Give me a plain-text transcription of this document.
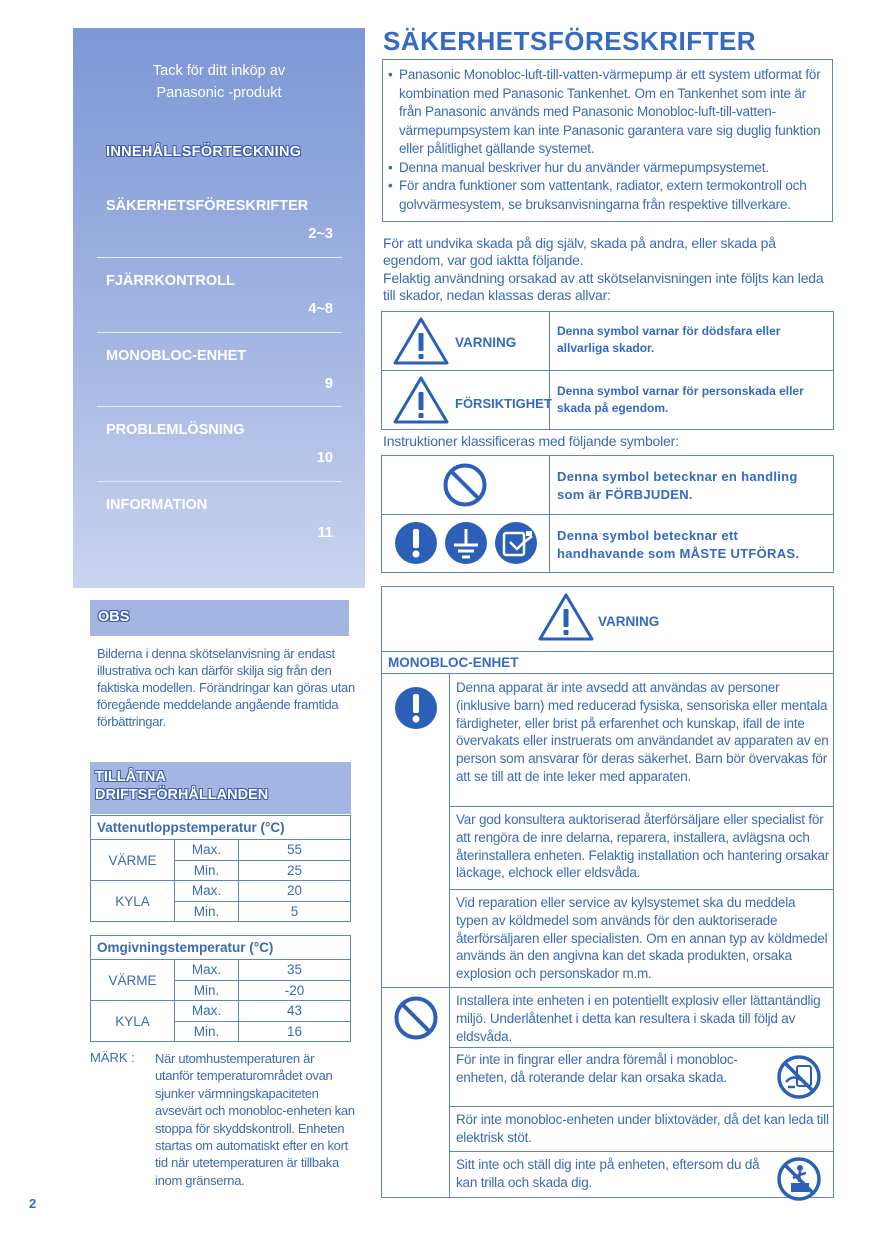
Tack för ditt inköp av
Panasonic -produkt
INNEHÅLLSFÖRTECKNING
SÄKERHETSFÖRESKRIFTER
2~3
FJÄRRKONTROLL
4~8
MONOBLOC-ENHET
9
PROBLEMLÖSNING
10
INFORMATION
11
OBS
Bilderna i denna skötselanvisning är endast illustrativa och kan därför skilja sig från den faktiska modellen. Förändringar kan göras utan föregående meddelande angående framtida förbättringar.
TILLÅTNA
DRIFTSFÖRHÅLLANDEN
Vattenutloppstemperatur (°C)		
VÄRME	Max.	55
	Min.	25
KYLA	Max.	20
	Min.	5
Omgivningstemperatur (°C)		
VÄRME	Max.	35
	Min.	-20
KYLA	Max.	43
	Min.	16
MÄRK : När utomhustemperaturen är utanför temperaturområdet ovan sjunker värmningskapaciteten avsevärt och monobloc-enheten kan stoppa för skyddskontroll. Enheten startas om automatiskt efter en kort tid när utetemperaturen är tillbaka inom gränserna.
2
SÄKERHETSFÖRESKRIFTER
• Panasonic Monobloc-luft-till-vatten-värmepump är ett system utformat för kombination med Panasonic Tankenhet. Om en Tankenhet som inte är från Panasonic används med Panasonic Monobloc-luft-till-vatten-värmepumpsystem kan inte Panasonic garantera vare sig duglig funktion eller pålitlighet gällande systemet.
• Denna manual beskriver hur du använder värmepumpsystemet.
• För andra funktioner som vattentank, radiator, extern termokontroll och golvvärmesystem, se bruksanvisningarna från respektive tillverkare.
För att undvika skada på dig själv, skada på andra, eller skada på egendom, var god iaktta följande.
Felaktig användning orsakad av att skötselanvisningen inte följts kan leda till skador, nedan klassas deras allvar:
VARNING
Denna symbol varnar för dödsfara eller allvarliga skador.
FÖRSIKTIGHET
Denna symbol varnar för personskada eller skada på egendom.
Instruktioner klassificeras med följande symboler:
Denna symbol betecknar en handling som är FÖRBJUDEN.
Denna symbol betecknar ett handhavande som MÅSTE UTFÖRAS.
VARNING
MONOBLOC-ENHET
Denna apparat är inte avsedd att användas av personer (inklusive barn) med reducerad fysiska, sensoriska eller mentala färdigheter, eller brist på erfarenhet och kunskap, ifall de inte övervakats eller instruerats om användandet av apparaten av en person som ansvarar för deras säkerhet. Barn bör övervakas för att se till att de inte leker med apparaten.
Var god konsultera auktoriserad återförsäljare eller specialist för att rengöra de inre delarna, reparera, installera, avlägsna och återinstallera enheten. Felaktig installation och hantering orsakar läckage, elchock eller eldsvåda.
Vid reparation eller service av kylsystemet ska du meddela typen av köldmedel som används för den auktoriserade återförsäljaren eller specialisten. Om en annan typ av köldmedel används än den angivna kan det skada produkten, orsaka explosion och personskador m.m.
Installera inte enheten i en potentiellt explosiv eller lättantändlig miljö. Underlåtenhet i detta kan resultera i skada till följd av eldsvåda.
För inte in fingrar eller andra föremål i monobloc-enheten, då roterande delar kan orsaka skada.
Rör inte monobloc-enheten under blixtoväder, då det kan leda till elektrisk stöt.
Sitt inte och ställ dig inte på enheten, eftersom du då kan trilla och skada dig.
